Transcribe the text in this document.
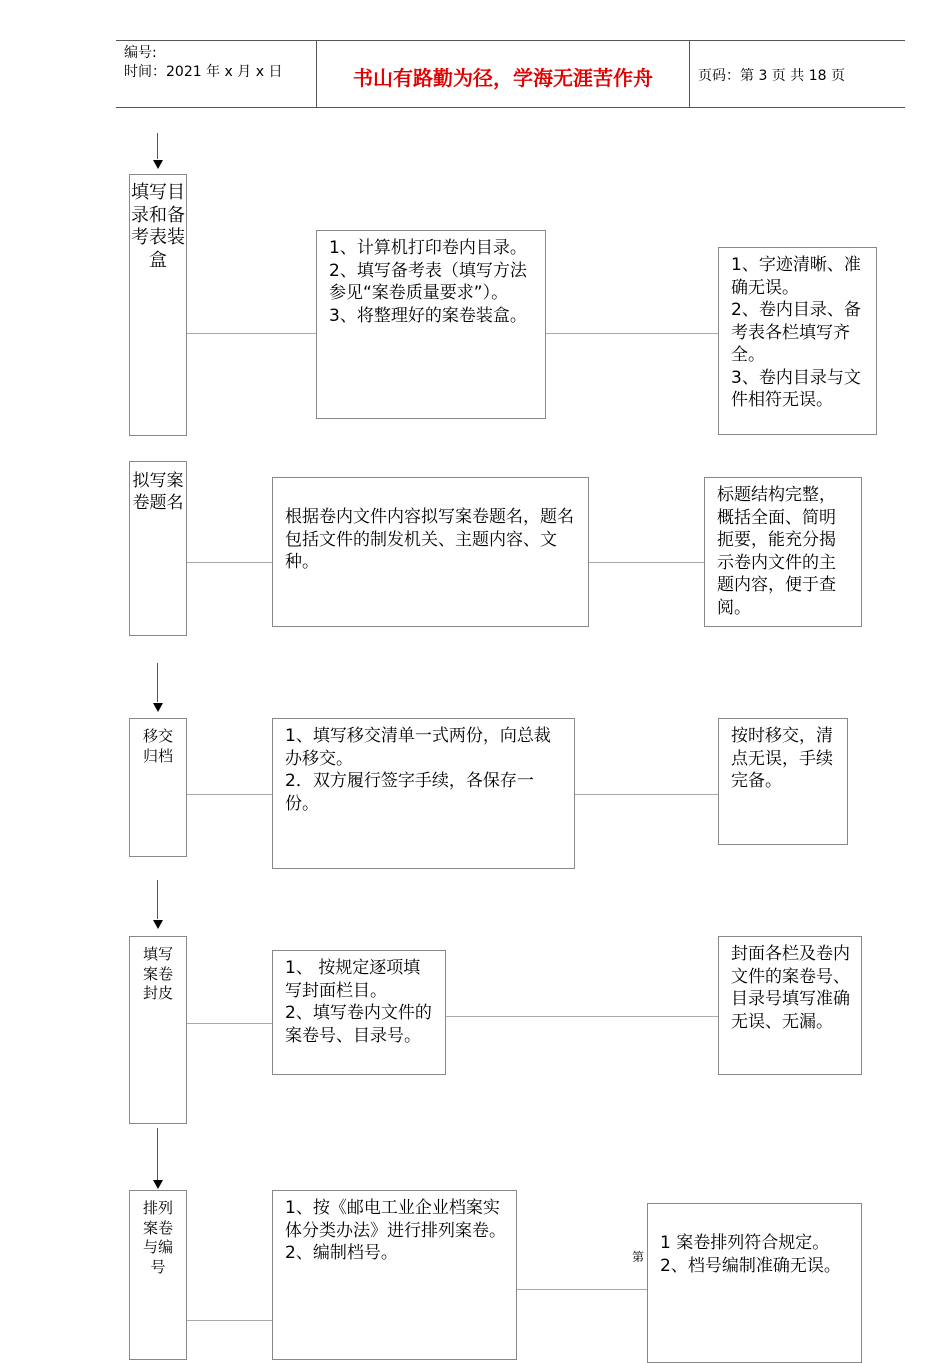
编号:
时间：2021 年 x 月 x 日	书山有路勤为径，学海无涯苦作舟	页码：第 3 页 共 18 页
填写目录和备考表装盒
1、计算机打印卷内目录。
2、填写备考表（填写方法参见“案卷质量要求”）。
3、将整理好的案卷装盒。
1、字迹清晰、准确无误。
2、卷内目录、备考表各栏填写齐全。
3、卷内目录与文件相符无误。
拟写案卷题名
根据卷内文件内容拟写案卷题名，题名包括文件的制发机关、主题内容、文种。
标题结构完整，概括全面、简明扼要，能充分揭示卷内文件的主题内容，便于查阅。
移交归档
1、填写移交清单一式两份，向总裁办移交。
2．双方履行签字手续，各保存一份。
按时移交，清点无误，手续完备。
填写案卷封皮
1、 按规定逐项填
写封面栏目。
2、填写卷内文件的案卷号、目录号。
封面各栏及卷内文件的案卷号、目录号填写准确无误、无漏。
排列案卷与编号
1、按《邮电工业企业档案实体分类办法》进行排列案卷。
2、编制档号。	第
1 案卷排列符合规定。
2、档号编制准确无误。
